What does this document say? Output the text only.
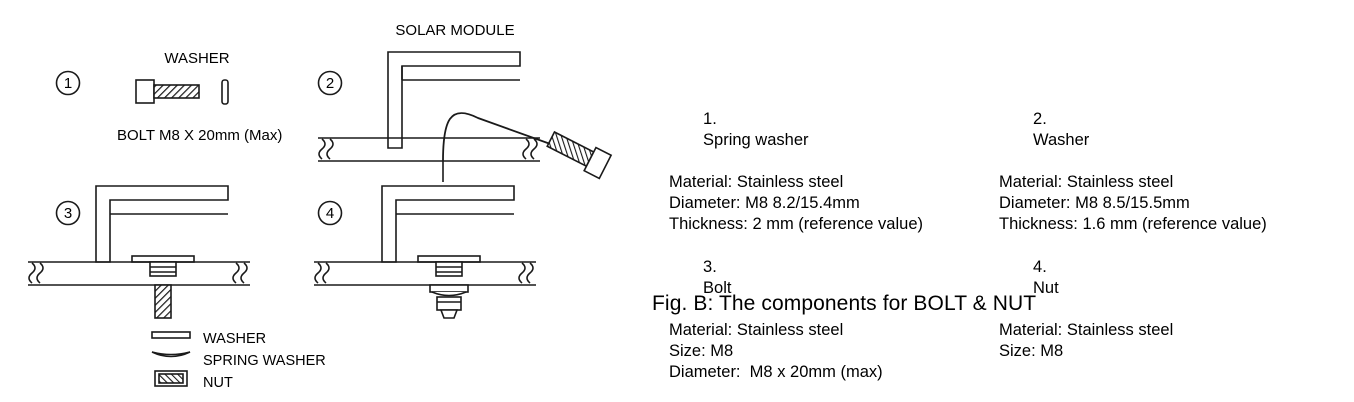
1	2
3	4
WASHER
SOLAR MODULE
BOLT M8 X 20mm (Max)
WASHER
SPRING WASHER
NUT

1.
Spring washer

Material: Stainless steel
Diameter: M8 8.2/15.4mm
Thickness: 2 mm (reference value)

3.
Bolt

Material: Stainless steel
Size: M8
Diameter:  M8 x 20mm (max)

2.
Washer

Material: Stainless steel
Diameter: M8 8.5/15.5mm
Thickness: 1.6 mm (reference value)

4.
Nut

Material: Stainless steel
Size: M8
Fig. B: The components for BOLT & NUT
